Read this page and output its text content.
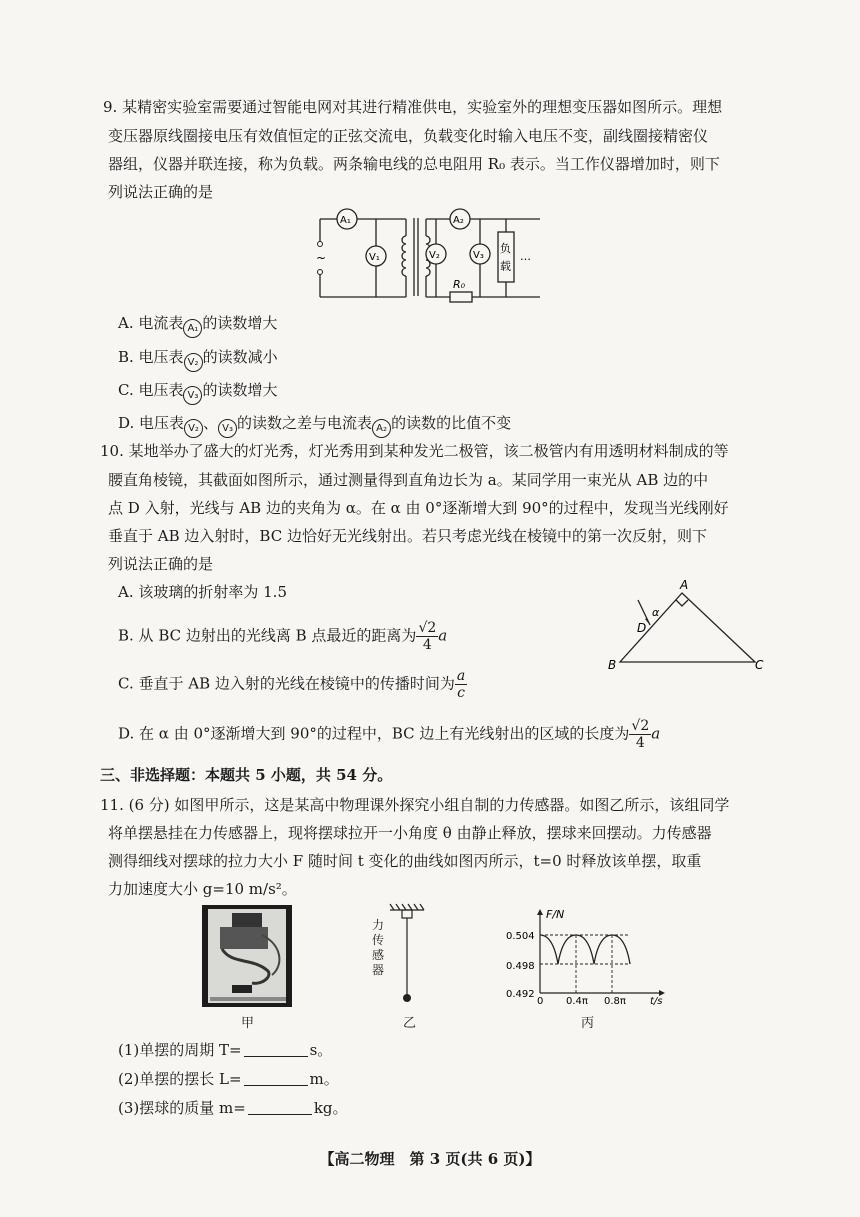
9. 某精密实验室需要通过智能电网对其进行精准供电，实验室外的理想变压器如图所示。理想
变压器原线圈接电压有效值恒定的正弦交流电，负载变化时输入电压不变，副线圈接精密仪
器组，仪器并联连接，称为负载。两条输电线的总电阻用 R₀ 表示。当工作仪器增加时，则下
列说法正确的是
~
A₁
V₁
A₂
V₂	V₃
R₀
负
载
…
A. 电流表 A₁ 的读数增大
B. 电压表 V₂ 的读数减小
C. 电压表 V₃ 的读数增大
D. 电压表 V₂ 、 V₃ 的读数之差与电流表 A₂ 的读数的比值不变
10. 某地举办了盛大的灯光秀，灯光秀用到某种发光二极管，该二极管内有用透明材料制成的等
腰直角棱镜，其截面如图所示，通过测量得到直角边长为 a。某同学用一束光从 AB 边的中
点 D 入射，光线与 AB 边的夹角为 α。在 α 由 0°逐渐增大到 90°的过程中，发现当光线刚好
垂直于 AB 边入射时，BC 边恰好无光线射出。若只考虑光线在棱镜中的第一次反射，则下
列说法正确的是
A. 该玻璃的折射率为 1.5
B. 从 BC 边射出的光线离 B 点最近的距离为 $\frac{√2}{4}$ a
C. 垂直于 AB 边入射的光线在棱镜中的传播时间为 $\frac{a}{c}$
D. 在 α 由 0°逐渐增大到 90°的过程中，BC 边上有光线射出的区域的长度为 $\frac{√2}{4}$ a
A
B	C
D
α
三、非选择题：本题共 5 小题，共 54 分。
11. (6 分) 如图甲所示，这是某高中物理课外探究小组自制的力传感器。如图乙所示，该组同学
将单摆悬挂在力传感器上，现将摆球拉开一小角度 θ 由静止释放，摆球来回摆动。力传感器
测得细线对摆球的拉力大小 F 随时间 t 变化的曲线如图丙所示，t=0 时释放该单摆，取重
力加速度大小 g=10 m/s²。
甲
力
传
感
器
乙
F/N
t/s
0.504
0.498
0.492
0 0.4π 0.8π
丙
(1)单摆的周期 T=	s。
(2)单摆的摆长 L=	m。
(3)摆球的质量 m=	kg。
【高二物理　第 3 页(共 6 页)】
